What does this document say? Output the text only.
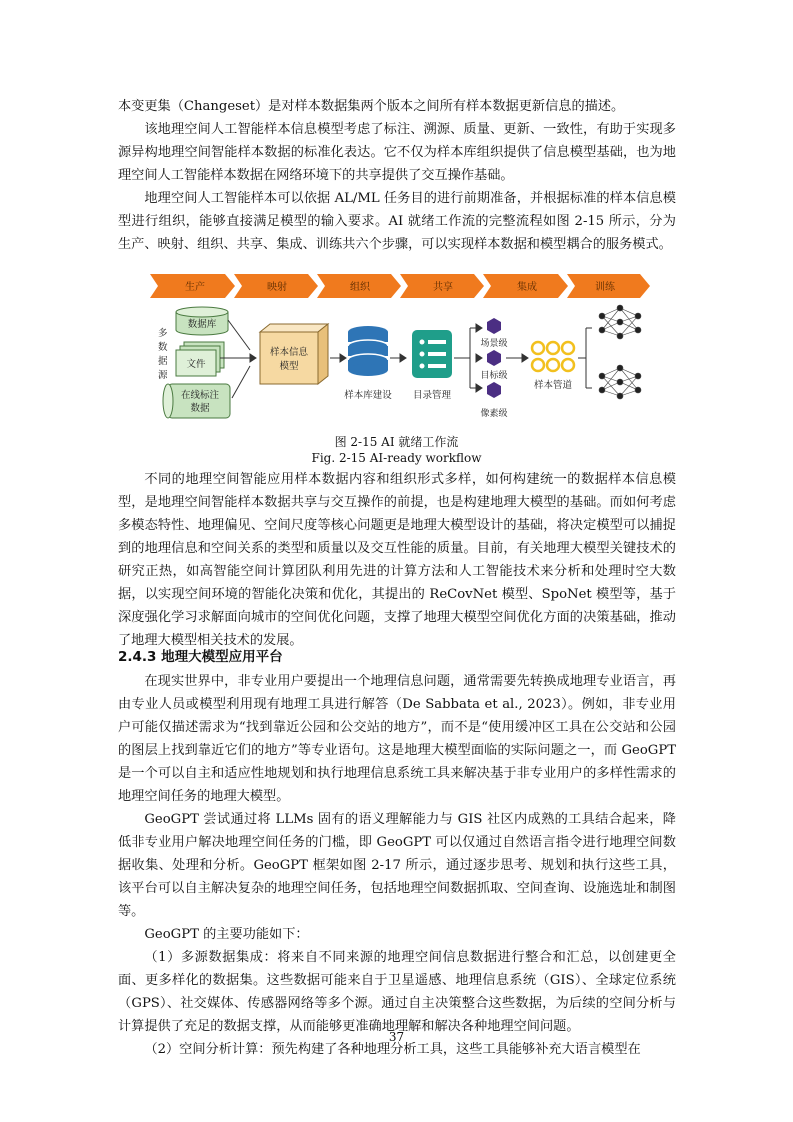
本变更集（Changeset）是对样本数据集两个版本之间所有样本数据更新信息的描述。

该地理空间人工智能样本信息模型考虑了标注、溯源、质量、更新、一致性，有助于实现多源异构地理空间智能样本数据的标准化表达。它不仅为样本库组织提供了信息模型基础，也为地理空间人工智能样本数据在网络环境下的共享提供了交互操作基础。

地理空间人工智能样本可以依据 AL/ML 任务目的进行前期准备，并根据标准的样本信息模型进行组织，能够直接满足模型的输入要求。AI 就绪工作流的完整流程如图 2-15 所示，分为生产、映射、组织、共享、集成、训练共六个步骤，可以实现样本数据和模型耦合的服务模式。

生产	映射	组织	共享	集成	训练
多
数
据
源
数据库
文件
在线标注
数据
样本信息
模型
样本库建设 目录管理
场景级
目标级
像素级
样本管道
图 2-15 AI 就绪工作流
Fig. 2-15 AI-ready workflow

不同的地理空间智能应用样本数据内容和组织形式多样，如何构建统一的数据样本信息模型，是地理空间智能样本数据共享与交互操作的前提，也是构建地理大模型的基础。而如何考虑多模态特性、地理偏见、空间尺度等核心问题更是地理大模型设计的基础，将决定模型可以捕捉到的地理信息和空间关系的类型和质量以及交互性能的质量。目前，有关地理大模型关键技术的研究正热，如高智能空间计算团队利用先进的计算方法和人工智能技术来分析和处理时空大数据，以实现空间环境的智能化决策和优化，其提出的 ReCovNet 模型、SpoNet 模型等，基于深度强化学习求解面向城市的空间优化问题，支撑了地理大模型空间优化方面的决策基础，推动了地理大模型相关技术的发展。

2.4.3 地理大模型应用平台

在现实世界中，非专业用户要提出一个地理信息问题，通常需要先转换成地理专业语言，再由专业人员或模型利用现有地理工具进行解答（De Sabbata et al., 2023）。例如，非专业用户可能仅描述需求为“找到靠近公园和公交站的地方”，而不是“使用缓冲区工具在公交站和公园的图层上找到靠近它们的地方”等专业语句。这是地理大模型面临的实际问题之一，而 GeoGPT 是一个可以自主和适应性地规划和执行地理信息系统工具来解决基于非专业用户的多样性需求的地理空间任务的地理大模型。

GeoGPT 尝试通过将 LLMs 固有的语义理解能力与 GIS 社区内成熟的工具结合起来，降低非专业用户解决地理空间任务的门槛，即 GeoGPT 可以仅通过自然语言指令进行地理空间数据收集、处理和分析。GeoGPT 框架如图 2-17 所示，通过逐步思考、规划和执行这些工具，该平台可以自主解决复杂的地理空间任务，包括地理空间数据抓取、空间查询、设施选址和制图等。

GeoGPT 的主要功能如下：

（1）多源数据集成：将来自不同来源的地理空间信息数据进行整合和汇总，以创建更全面、更多样化的数据集。这些数据可能来自于卫星遥感、地理信息系统（GIS）、全球定位系统（GPS）、社交媒体、传感器网络等多个源。通过自主决策整合这些数据，为后续的空间分析与计算提供了充足的数据支撑，从而能够更准确地理解和解决各种地理空间问题。

（2）空间分析计算：预先构建了各种地理分析工具，这些工具能够补充大语言模型在

37
